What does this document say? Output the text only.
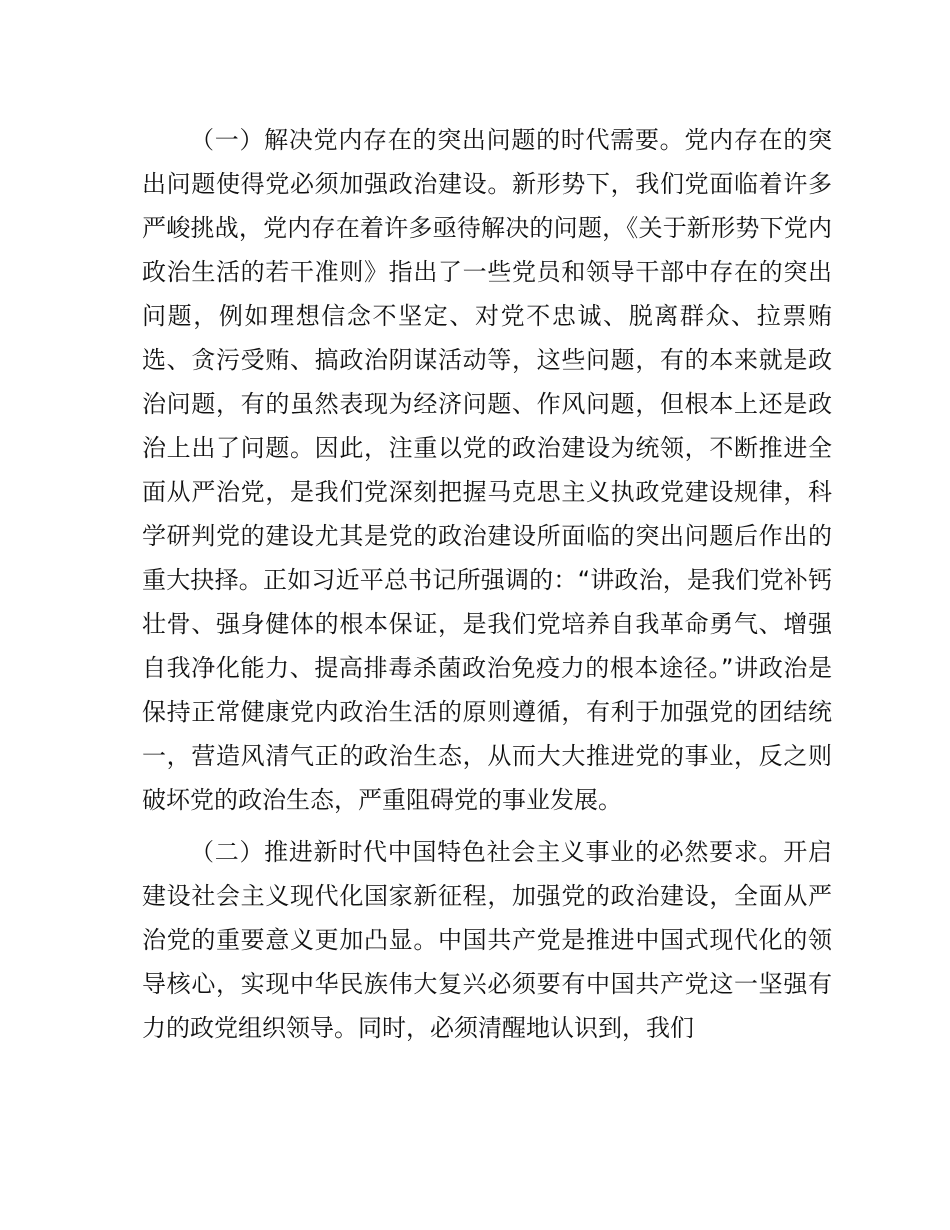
（一）解决党内存在的突出问题的时代需要。党内存在的突出问题使得党必须加强政治建设。新形势下，我们党面临着许多严峻挑战，党内存在着许多亟待解决的问题，《关于新形势下党内政治生活的若干准则》指出了一些党员和领导干部中存在的突出问题，例如理想信念不坚定、对党不忠诚、脱离群众、拉票贿选、贪污受贿、搞政治阴谋活动等，这些问题，有的本来就是政治问题，有的虽然表现为经济问题、作风问题，但根本上还是政治上出了问题。因此，注重以党的政治建设为统领，不断推进全面从严治党，是我们党深刻把握马克思主义执政党建设规律，科学研判党的建设尤其是党的政治建设所面临的突出问题后作出的重大抉择。正如习近平总书记所强调的：“讲政治，是我们党补钙壮骨、强身健体的根本保证，是我们党培养自我革命勇气、增强自我净化能力、提高排毒杀菌政治免疫力的根本途径。”讲政治是保持正常健康党内政治生活的原则遵循，有利于加强党的团结统一，营造风清气正的政治生态，从而大大推进党的事业，反之则破坏党的政治生态，严重阻碍党的事业发展。

（二）推进新时代中国特色社会主义事业的必然要求。开启建设社会主义现代化国家新征程，加强党的政治建设，全面从严治党的重要意义更加凸显。中国共产党是推进中国式现代化的领导核心，实现中华民族伟大复兴必须要有中国共产党这一坚强有力的政党组织领导。同时，必须清醒地认识到，我们
